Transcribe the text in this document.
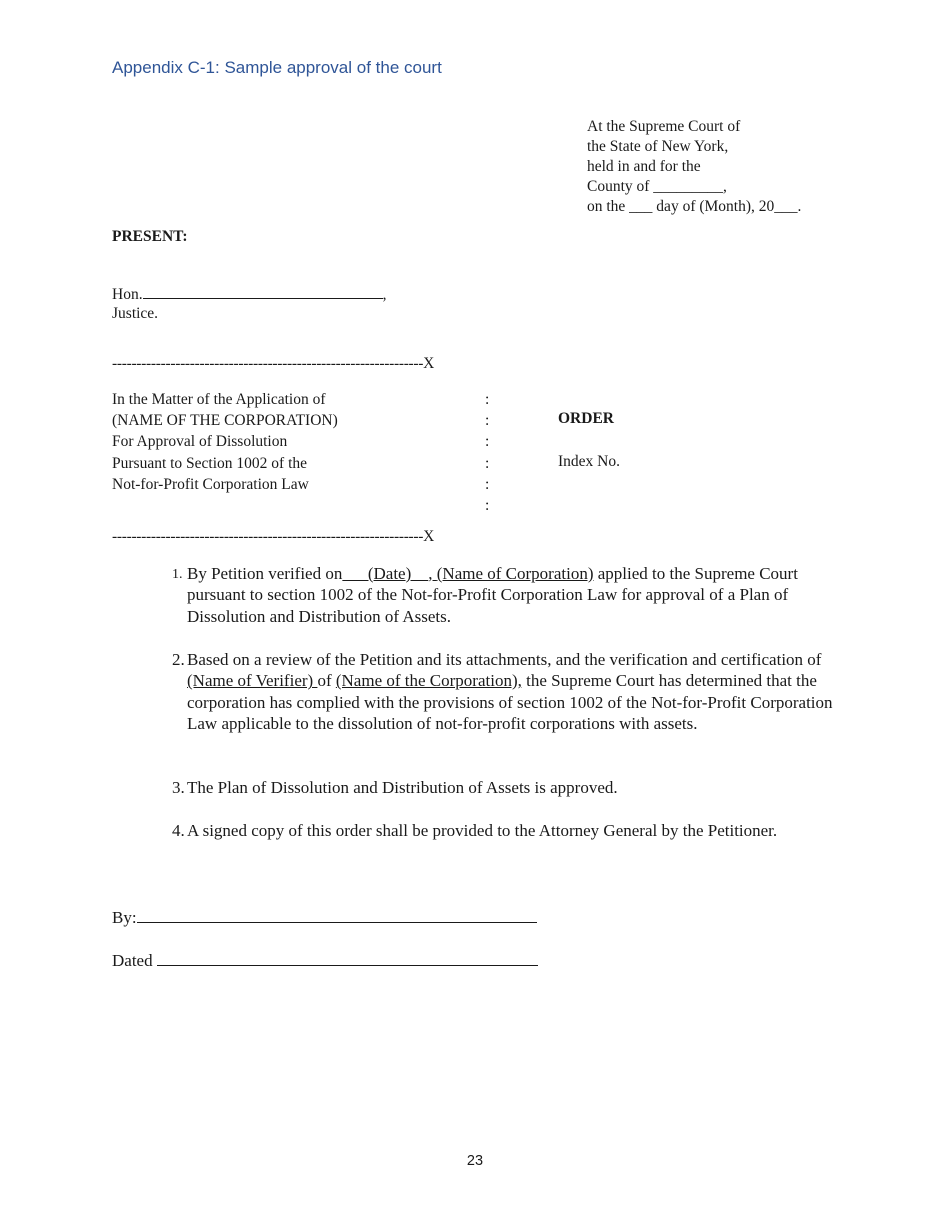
Appendix C-1: Sample approval of the court
At the Supreme Court of
the State of New York,
held in and for the
County of _________,
on the ___ day of (Month), 20___.
PRESENT:
Hon.	,
Justice.
----------------------------------------------------------------X
In the Matter of the Application of
(NAME OF THE CORPORATION)
For Approval of Dissolution
Pursuant to Section 1002 of the
Not-for-Profit Corporation Law
:
:
:
:
:
:
ORDER
Index No.
----------------------------------------------------------------X
1. By Petition verified on      (Date)    , (Name of Corporation) applied to the Supreme Court pursuant to section 1002 of the Not-for-Profit Corporation Law for approval of a Plan of Dissolution and Distribution of Assets.
2. Based on a review of the Petition and its attachments, and the verification and certification of (Name of Verifier) of (Name of the Corporation), the Supreme Court has determined that the corporation has complied with the provisions of section 1002 of the Not-for-Profit Corporation Law applicable to the dissolution of not-for-profit corporations with assets.
3. The Plan of Dissolution and Distribution of Assets is approved.
4. A signed copy of this order shall be provided to the Attorney General by the Petitioner.
By:
Dated
23
